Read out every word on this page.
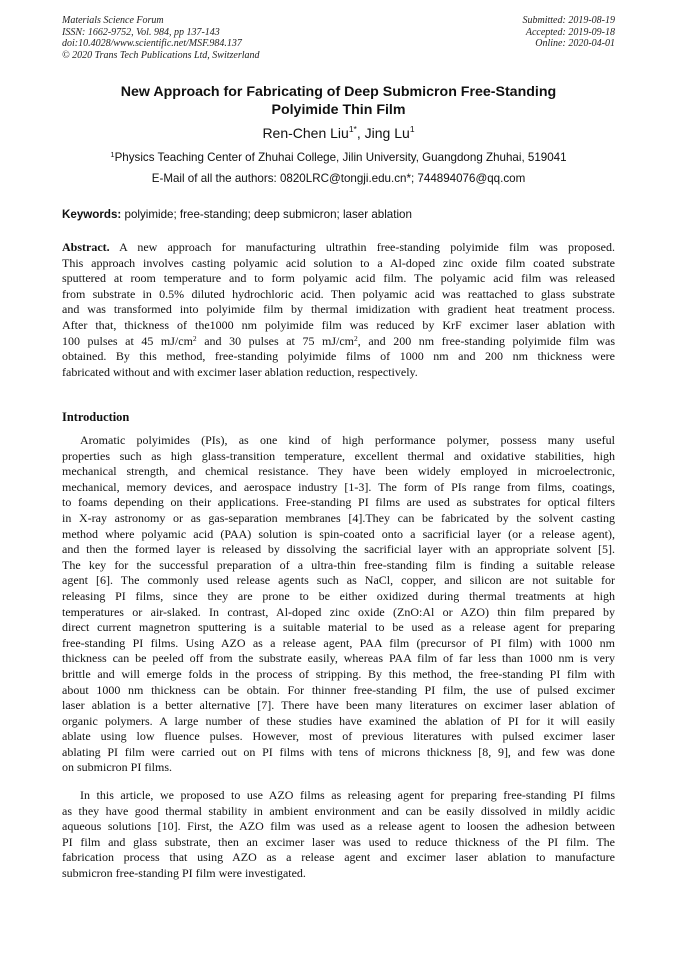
Materials Science Forum
ISSN: 1662-9752, Vol. 984, pp 137-143
doi:10.4028/www.scientific.net/MSF.984.137
© 2020 Trans Tech Publications Ltd, Switzerland
Submitted: 2019-08-19
Accepted: 2019-09-18
Online: 2020-04-01
New Approach for Fabricating of Deep Submicron Free-Standing
Polyimide Thin Film
Ren-Chen Liu$^{1*}$, Jing Lu$^1$
$^1$Physics Teaching Center of Zhuhai College, Jilin University, Guangdong Zhuhai, 519041
E-Mail of all the authors: 0820LRC@tongji.edu.cn*; 744894076@qq.com
Keywords: polyimide; free-standing; deep submicron; laser ablation
Abstract. A new approach for manufacturing ultrathin free-standing polyimide film was proposed.
This approach involves casting polyamic acid solution to a Al-doped zinc oxide film coated substrate
sputtered at room temperature and to form polyamic acid film. The polyamic acid film was released
from substrate in 0.5% diluted hydrochloric acid. Then polyamic acid was reattached to glass substrate
and was transformed into polyimide film by thermal imidization with gradient heat treatment process.
After that, thickness of the1000 nm polyimide film was reduced by KrF excimer laser ablation with
100 pulses at 45 $mJ/cm^2$ and 30 pulses at 75 $mJ/cm^2$, and 200 nm free-standing polyimide film was
obtained. By this method, free-standing polyimide films of 1000 nm and 200 nm thickness were
fabricated without and with excimer laser ablation reduction, respectively.
Introduction
Aromatic polyimides (PIs), as one kind of high performance polymer, possess many useful
properties such as high glass-transition temperature, excellent thermal and oxidative stabilities, high
mechanical strength, and chemical resistance. They have been widely employed in microelectronic,
mechanical, memory devices, and aerospace industry [1-3]. The form of PIs range from films, coatings,
to foams depending on their applications. Free-standing PI films are used as substrates for optical filters
in X-ray astronomy or as gas-separation membranes [4].They can be fabricated by the solvent casting
method where polyamic acid (PAA) solution is spin-coated onto a sacrificial layer (or a release agent),
and then the formed layer is released by dissolving the sacrificial layer with an appropriate solvent [5].
The key for the successful preparation of a ultra-thin free-standing film is finding a suitable release
agent [6]. The commonly used release agents such as NaCl, copper, and silicon are not suitable for
releasing PI films, since they are prone to be either oxidized during thermal treatments at high
temperatures or air-slaked. In contrast, Al-doped zinc oxide (ZnO:Al or AZO) thin film prepared by
direct current magnetron sputtering is a suitable material to be used as a release agent for preparing
free-standing PI films. Using AZO as a release agent, PAA film (precursor of PI film) with 1000 nm
thickness can be peeled off from the substrate easily, whereas PAA film of far less than 1000 nm is very
brittle and will emerge folds in the process of stripping. By this method, the free-standing PI film with
about 1000 nm thickness can be obtain. For thinner free-standing PI film, the use of pulsed excimer
laser ablation is a better alternative [7]. There have been many literatures on excimer laser ablation of
organic polymers. A large number of these studies have examined the ablation of PI for it will easily
ablate using low fluence pulses. However, most of previous literatures with pulsed excimer laser
ablating PI film were carried out on PI films with tens of microns thickness [8, 9], and few was done
on submicron PI films.
In this article, we proposed to use AZO films as releasing agent for preparing free-standing PI films
as they have good thermal stability in ambient environment and can be easily dissolved in mildly acidic
aqueous solutions [10]. First, the AZO film was used as a release agent to loosen the adhesion between
PI film and glass substrate, then an excimer laser was used to reduce thickness of the PI film. The
fabrication process that using AZO as a release agent and excimer laser ablation to manufacture
submicron free-standing PI film were investigated.
